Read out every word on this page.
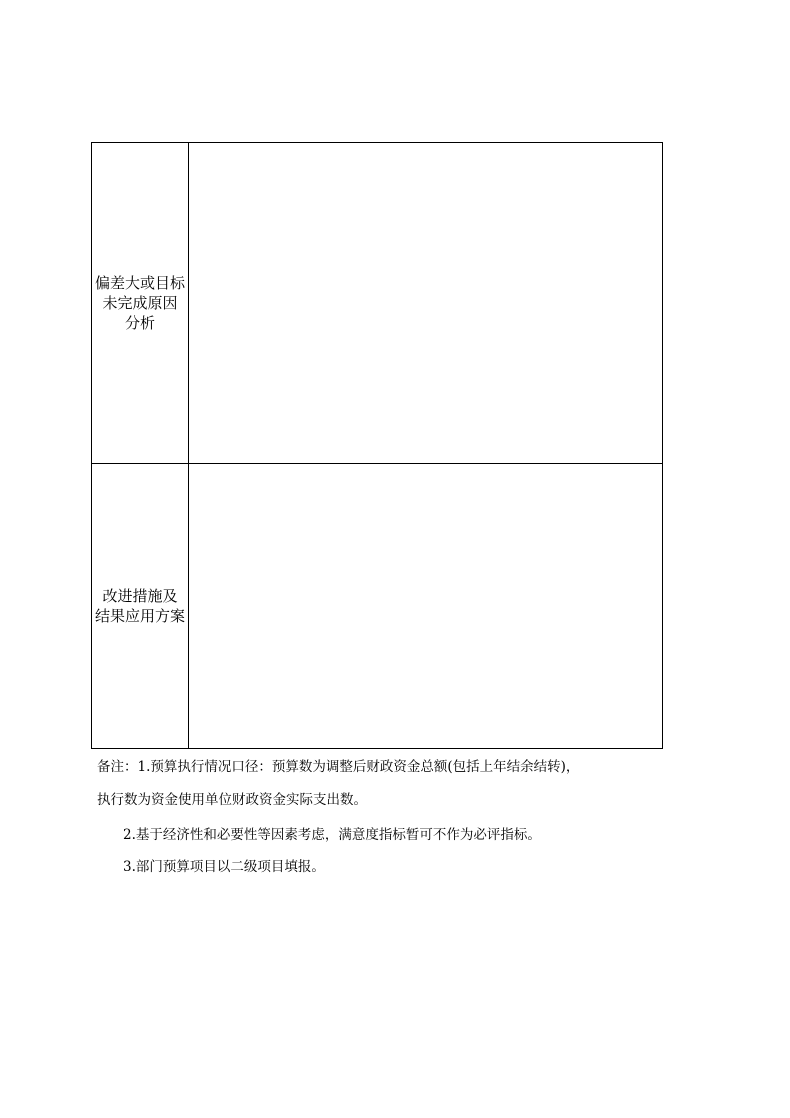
偏差大或目标
未完成原因
分析	

改进措施及
结果应用方案	

备注：1.预算执行情况口径：预算数为调整后财政资金总额(包括上年结余结转)，
执行数为资金使用单位财政资金实际支出数。
2.基于经济性和必要性等因素考虑，满意度指标暂可不作为必评指标。
3.部门预算项目以二级项目填报。
